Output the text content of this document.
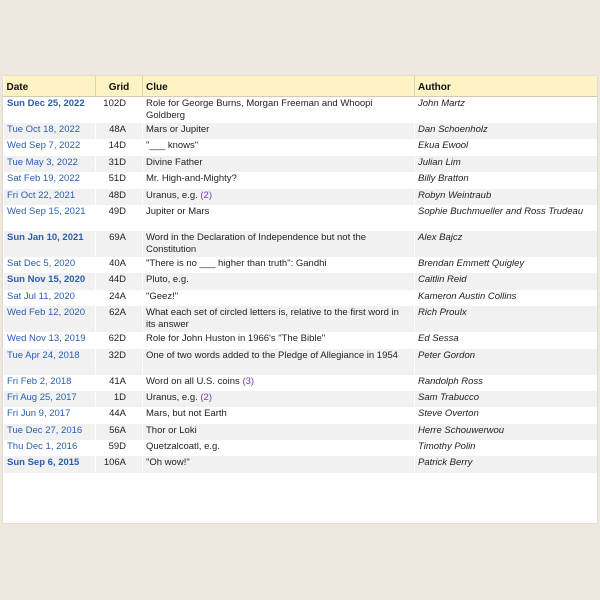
Date	Grid	Clue	Author
Sun Dec 25, 2022	102D	Role for George Burns, Morgan Freeman and Whoopi Goldberg	John Martz
Tue Oct 18, 2022	48A	Mars or Jupiter	Dan Schoenholz
Wed Sep 7, 2022	14D	"___ knows"	Ekua Ewool
Tue May 3, 2022	31D	Divine Father	Julian Lim
Sat Feb 19, 2022	51D	Mr. High-and-Mighty?	Billy Bratton
Fri Oct 22, 2021	48D	Uranus, e.g. (2)	Robyn Weintraub
Wed Sep 15, 2021	49D	Jupiter or Mars	Sophie Buchmueller and Ross Trudeau
Sun Jan 10, 2021	69A	Word in the Declaration of Independence but not the Constitution	Alex Bajcz
Sat Dec 5, 2020	40A	"There is no ___ higher than truth": Gandhi	Brendan Emmett Quigley
Sun Nov 15, 2020	44D	Pluto, e.g.	Caitlin Reid
Sat Jul 11, 2020	24A	"Geez!"	Kameron Austin Collins
Wed Feb 12, 2020	62A	What each set of circled letters is, relative to the first word in its answer	Rich Proulx
Wed Nov 13, 2019	62D	Role for John Huston in 1966's "The Bible"	Ed Sessa
Tue Apr 24, 2018	32D	One of two words added to the Pledge of Allegiance in 1954	Peter Gordon
Fri Feb 2, 2018	41A	Word on all U.S. coins (3)	Randolph Ross
Fri Aug 25, 2017	1D	Uranus, e.g. (2)	Sam Trabucco
Fri Jun 9, 2017	44A	Mars, but not Earth	Steve Overton
Tue Dec 27, 2016	56A	Thor or Loki	Herre Schouwerwou
Thu Dec 1, 2016	59D	Quetzalcoatl, e.g.	Timothy Polin
Sun Sep 6, 2015	106A	"Oh wow!"	Patrick Berry
